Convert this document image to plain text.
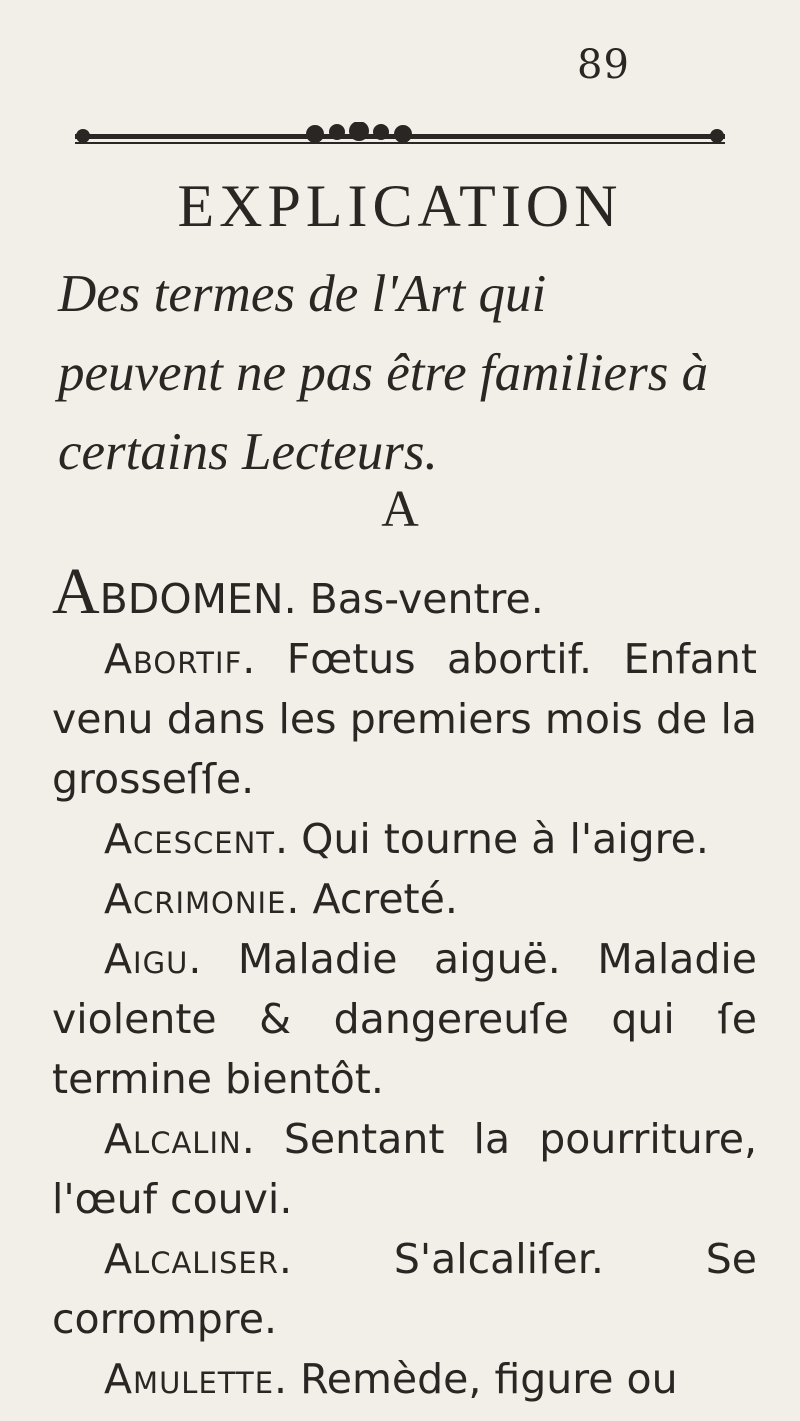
89
EXPLICATION
Des termes de l'Art qui peuvent ne pas être familiers à certains Lecteurs.
A

ABDOMEN. Bas-ventre.

Abortif. Fœtus abortif. Enfant venu dans les premiers mois de la grosseſſe.

Acescent. Qui tourne à l'aigre.

Acrimonie. Acreté.

Aigu. Maladie aiguë. Maladie violente & dangereuſe qui ſe termine bientôt.

Alcalin. Sentant la pourriture, l'œuf couvi.

Alcaliser. S'alcaliſer. Se corrompre.

Amulette. Remède, figure ou
